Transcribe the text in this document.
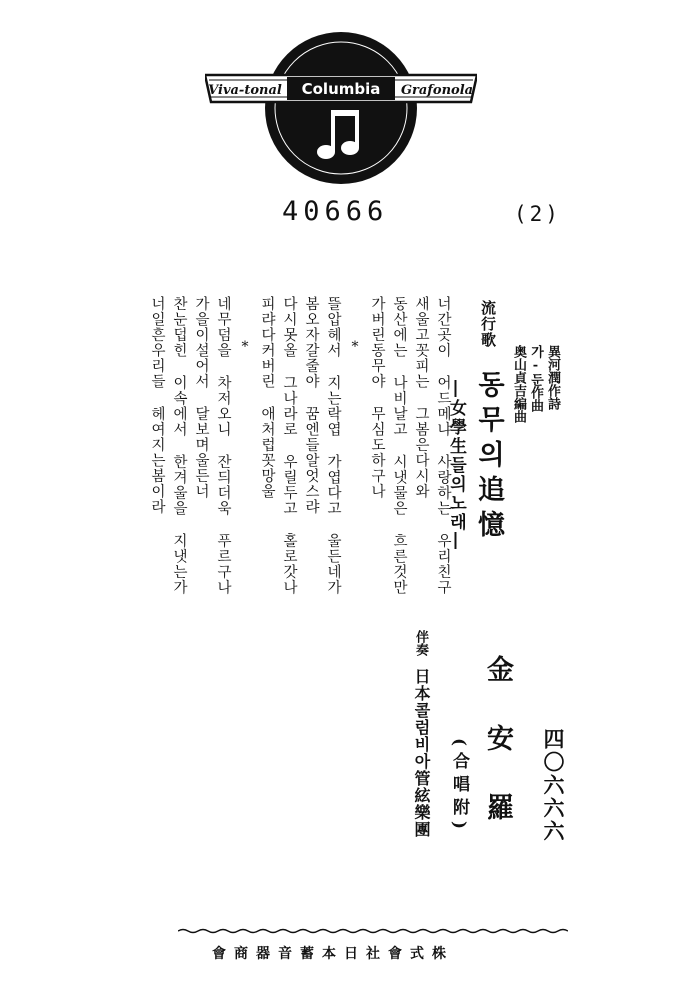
Viva-tonal Columbia Grafonola
40666	(2)
流行歌
동무의追憶
―女學生들의노래―	奥山貞吉編曲 가-둔作曲 異河潤作詩
金安羅
(合唱附)
伴奏
日本콜럼비아管絃樂團	四〇六六六
너간곳이 어드메냐 사랑하는 우리친구
새울고꼿피는 그봄은다시와
동산에는 나비날고 시냇물은 흐른것만
가버린동무야 무심도하구나
*
뜰압헤서 지는락엽 가엽다고 울든네가
봄오자갈줄야 꿈엔들알엇스랴
다시못올 그나라로 우릴두고 홀로갓나
피랴다커버린 애처럽꼿망울
*
네무덤을 차저오니 잔듸더욱 푸르구나
가을이설어서 달보며울든너
찬눈덥힌 이속에서 한겨울을 지냇는가
너일흔우리들 헤여지는봄이라
株式會社日本蓄音器商會
